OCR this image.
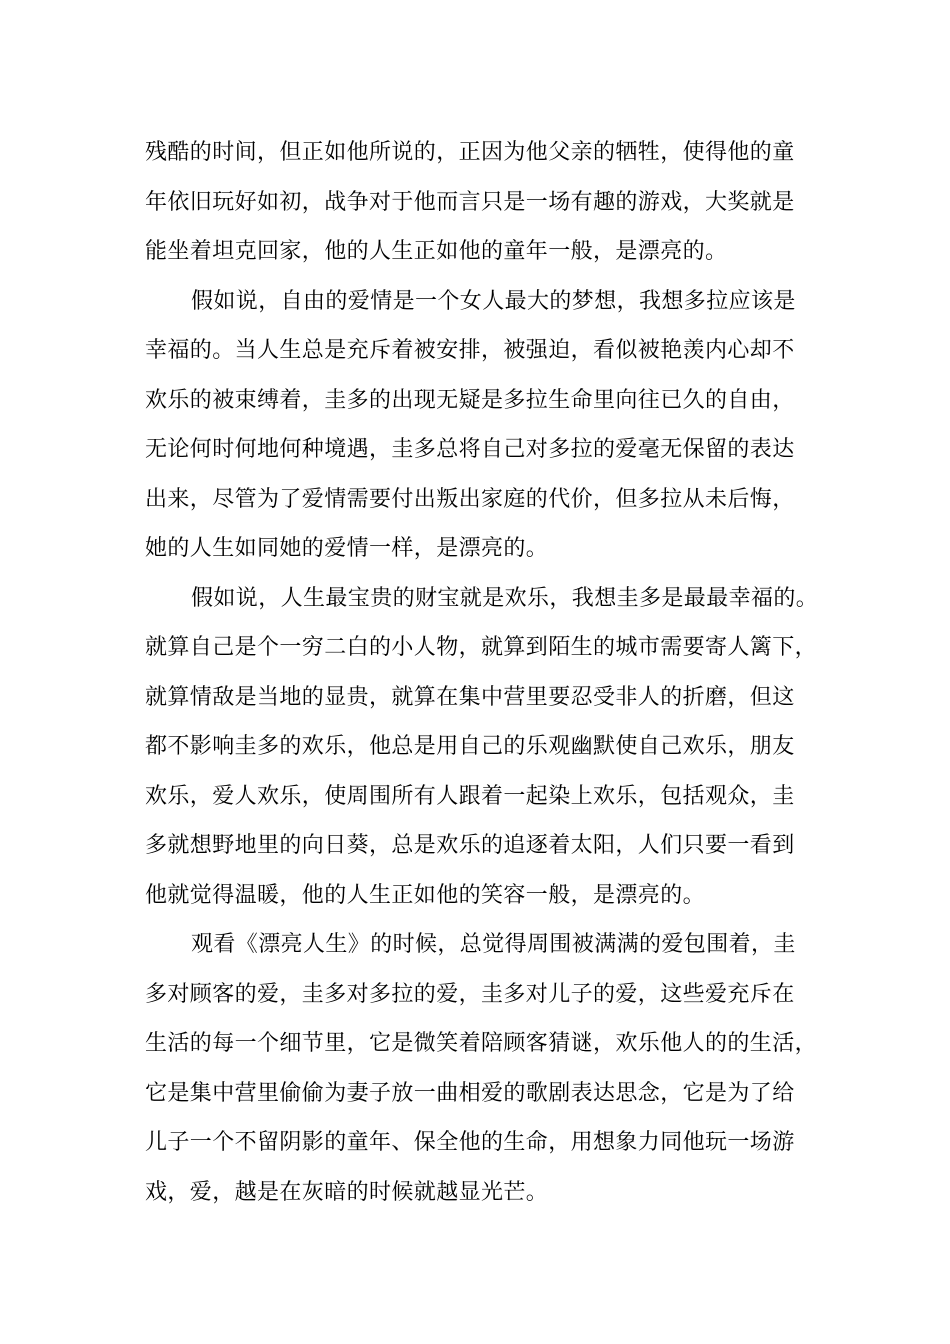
残酷的时间，但正如他所说的，正因为他父亲的牺牲，使得他的童
年依旧玩好如初，战争对于他而言只是一场有趣的游戏，大奖就是
能坐着坦克回家，他的人生正如他的童年一般，是漂亮的。
假如说，自由的爱情是一个女人最大的梦想，我想多拉应该是
幸福的。当人生总是充斥着被安排，被强迫，看似被艳羡内心却不
欢乐的被束缚着，圭多的出现无疑是多拉生命里向往已久的自由，
无论何时何地何种境遇，圭多总将自己对多拉的爱毫无保留的表达
出来，尽管为了爱情需要付出叛出家庭的代价，但多拉从未后悔，
她的人生如同她的爱情一样，是漂亮的。
假如说，人生最宝贵的财宝就是欢乐，我想圭多是最最幸福的。
就算自己是个一穷二白的小人物，就算到陌生的城市需要寄人篱下，
就算情敌是当地的显贵，就算在集中营里要忍受非人的折磨，但这
都不影响圭多的欢乐，他总是用自己的乐观幽默使自己欢乐，朋友
欢乐，爱人欢乐，使周围所有人跟着一起染上欢乐，包括观众，圭
多就想野地里的向日葵，总是欢乐的追逐着太阳，人们只要一看到
他就觉得温暖，他的人生正如他的笑容一般，是漂亮的。
观看《漂亮人生》的时候，总觉得周围被满满的爱包围着，圭
多对顾客的爱，圭多对多拉的爱，圭多对儿子的爱，这些爱充斥在
生活的每一个细节里，它是微笑着陪顾客猜谜，欢乐他人的的生活，
它是集中营里偷偷为妻子放一曲相爱的歌剧表达思念，它是为了给
儿子一个不留阴影的童年、保全他的生命，用想象力同他玩一场游
戏，爱，越是在灰暗的时候就越显光芒。
